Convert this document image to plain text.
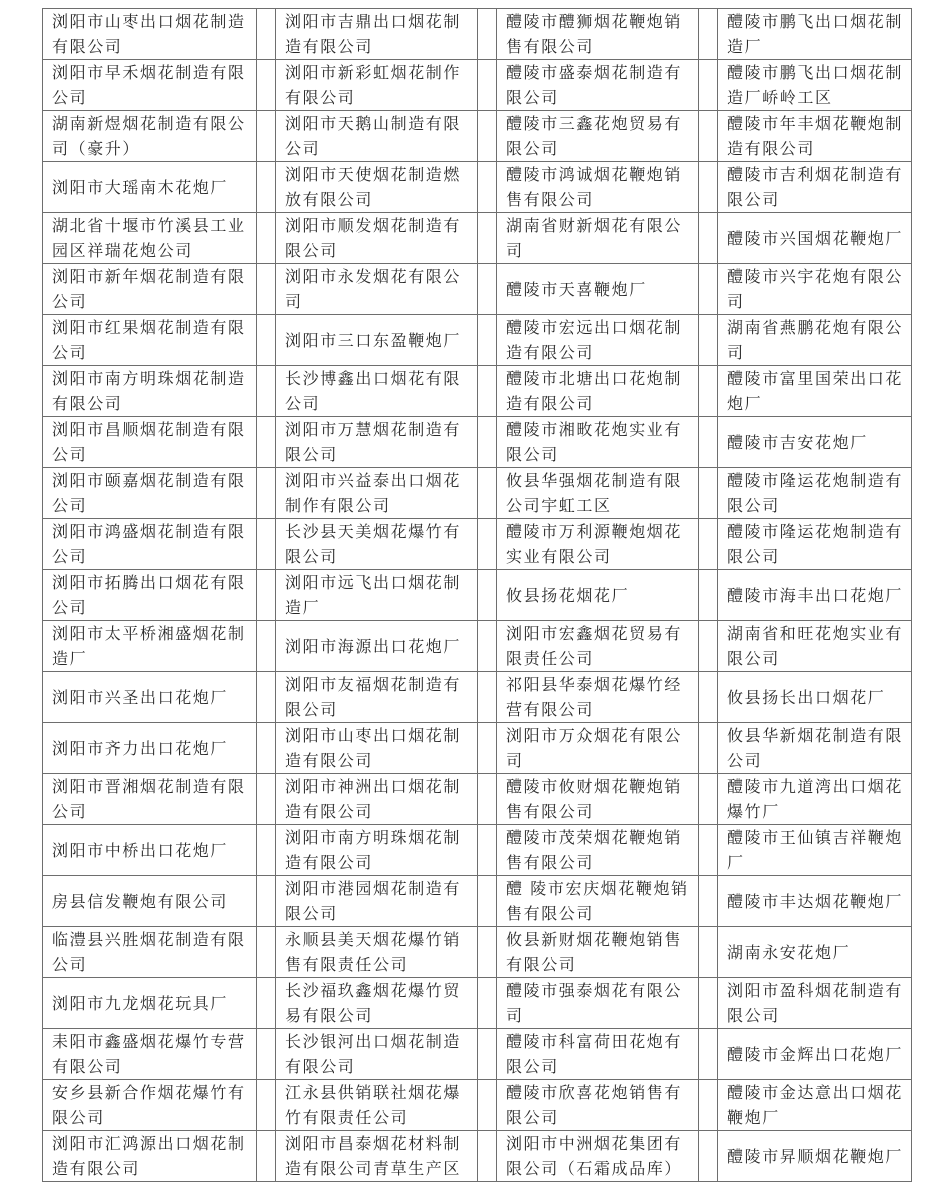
浏阳市山枣出口烟花制造有限公司		浏阳市吉鼎出口烟花制造有限公司		醴陵市醴狮烟花鞭炮销售有限公司		醴陵市鹏飞出口烟花制造厂

浏阳市早禾烟花制造有限公司		浏阳市新彩虹烟花制作有限公司		醴陵市盛泰烟花制造有限公司		醴陵市鹏飞出口烟花制造厂峤岭工区

湖南新煜烟花制造有限公司（豪升）		浏阳市天鹅山制造有限公司		醴陵市三鑫花炮贸易有限公司		醴陵市年丰烟花鞭炮制造有限公司

浏阳市大瑶南木花炮厂		浏阳市天使烟花制造燃放有限公司		醴陵市鸿诚烟花鞭炮销售有限公司		醴陵市吉利烟花制造有限公司

湖北省十堰市竹溪县工业园区祥瑞花炮公司		浏阳市顺发烟花制造有限公司		湖南省财新烟花有限公司		醴陵市兴国烟花鞭炮厂

浏阳市新年烟花制造有限公司		浏阳市永发烟花有限公司		醴陵市天喜鞭炮厂		醴陵市兴宇花炮有限公司

浏阳市红果烟花制造有限公司		浏阳市三口东盈鞭炮厂		醴陵市宏远出口烟花制造有限公司		湖南省燕鹏花炮有限公司

浏阳市南方明珠烟花制造有限公司		长沙博鑫出口烟花有限公司		醴陵市北塘出口花炮制造有限公司		醴陵市富里国荣出口花炮厂

浏阳市昌顺烟花制造有限公司		浏阳市万慧烟花制造有限公司		醴陵市湘畋花炮实业有限公司		醴陵市吉安花炮厂

浏阳市颐嘉烟花制造有限公司		浏阳市兴益泰出口烟花制作有限公司		攸县华强烟花制造有限公司宇虹工区		醴陵市隆运花炮制造有限公司

浏阳市鸿盛烟花制造有限公司		长沙县天美烟花爆竹有限公司		醴陵市万利源鞭炮烟花实业有限公司		醴陵市隆运花炮制造有限公司

浏阳市拓腾出口烟花有限公司		浏阳市远飞出口烟花制造厂		攸县扬花烟花厂		醴陵市海丰出口花炮厂

浏阳市太平桥湘盛烟花制造厂		浏阳市海源出口花炮厂		浏阳市宏鑫烟花贸易有限责任公司		湖南省和旺花炮实业有限公司

浏阳市兴圣出口花炮厂		浏阳市友福烟花制造有限公司		祁阳县华泰烟花爆竹经营有限公司		攸县扬长出口烟花厂

浏阳市齐力出口花炮厂		浏阳市山枣出口烟花制造有限公司		浏阳市万众烟花有限公司		攸县华新烟花制造有限公司

浏阳市晋湘烟花制造有限公司		浏阳市神洲出口烟花制造有限公司		醴陵市攸财烟花鞭炮销售有限公司		醴陵市九道湾出口烟花爆竹厂

浏阳市中桥出口花炮厂		浏阳市南方明珠烟花制造有限公司		醴陵市茂荣烟花鞭炮销售有限公司		醴陵市王仙镇吉祥鞭炮厂

房县信发鞭炮有限公司		浏阳市港园烟花制造有限公司		醴 陵市宏庆烟花鞭炮销售有限公司		醴陵市丰达烟花鞭炮厂

临澧县兴胜烟花制造有限公司		永顺县美天烟花爆竹销售有限责任公司		攸县新财烟花鞭炮销售有限公司		湖南永安花炮厂

浏阳市九龙烟花玩具厂		长沙福玖鑫烟花爆竹贸易有限公司		醴陵市强泰烟花有限公司		浏阳市盈科烟花制造有限公司

耒阳市鑫盛烟花爆竹专营有限公司		长沙银河出口烟花制造有限公司		醴陵市科富荷田花炮有限公司		醴陵市金辉出口花炮厂

安乡县新合作烟花爆竹有限公司		江永县供销联社烟花爆竹有限责任公司		醴陵市欣喜花炮销售有限公司		醴陵市金达意出口烟花鞭炮厂

浏阳市汇鸿源出口烟花制造有限公司		浏阳市昌泰烟花材料制造有限公司青草生产区		浏阳市中洲烟花集团有限公司（石霜成品库）		醴陵市昇顺烟花鞭炮厂
